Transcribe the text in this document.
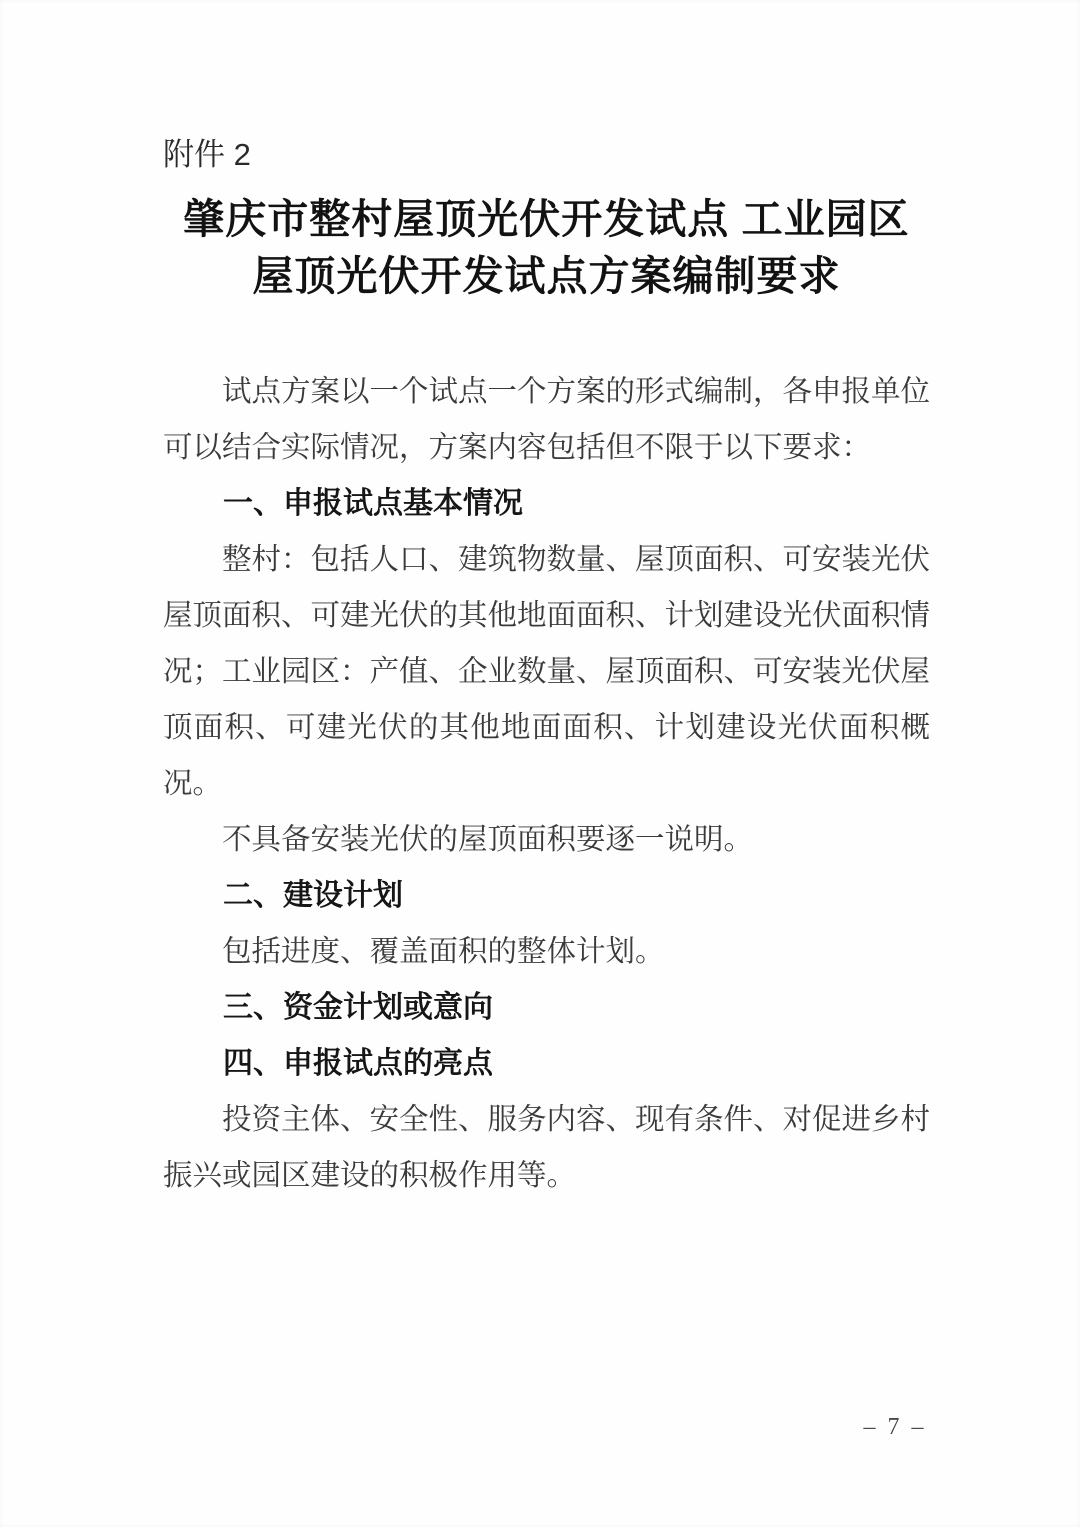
附件 2
肇庆市整村屋顶光伏开发试点 工业园区
屋顶光伏开发试点方案编制要求

试点方案以一个试点一个方案的形式编制，各申报单位可以结合实际情况，方案内容包括但不限于以下要求：

一、申报试点基本情况

整村：包括人口、建筑物数量、屋顶面积、可安装光伏屋顶面积、可建光伏的其他地面面积、计划建设光伏面积情况；工业园区：产值、企业数量、屋顶面积、可安装光伏屋顶面积、可建光伏的其他地面面积、计划建设光伏面积概况。

不具备安装光伏的屋顶面积要逐一说明。

二、建设计划

包括进度、覆盖面积的整体计划。

三、资金计划或意向
四、申报试点的亮点

投资主体、安全性、服务内容、现有条件、对促进乡村振兴或园区建设的积极作用等。

– 7 –
